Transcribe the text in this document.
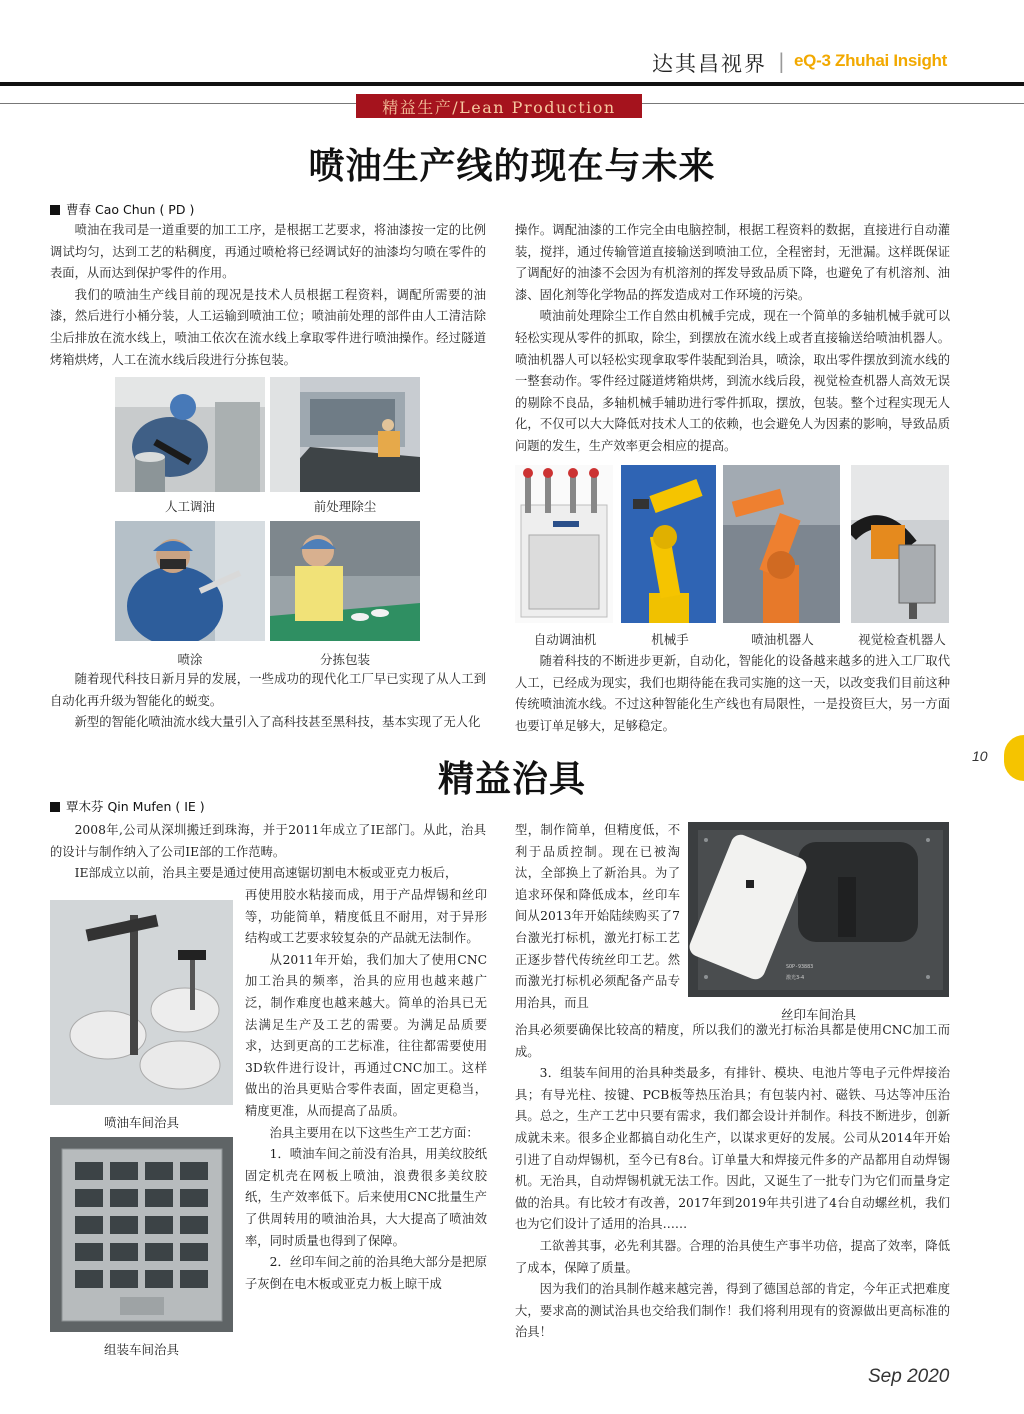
达其昌视界 | eQ-3 Zhuhai Insight
精益生产/Lean Production
喷油生产线的现在与未来
曹春 Cao Chun ( PD )

喷油在我司是一道重要的加工工序，是根据工艺要求，将油漆按一定的比例调试均匀，达到工艺的粘稠度，再通过喷枪将已经调试好的油漆均匀喷在零件的表面，从而达到保护零件的作用。

我们的喷油生产线目前的现况是技术人员根据工程资料，调配所需要的油漆，然后进行小桶分装，人工运输到喷油工位；喷油前处理的部件由人工清洁除尘后排放在流水线上，喷油工依次在流水线上拿取零件进行喷油操作。经过隧道烤箱烘烤，人工在流水线后段进行分拣包装。

人工调油	前处理除尘
喷涂	分拣包装

随着现代科技日新月异的发展，一些成功的现代化工厂早已实现了从人工到自动化再升级为智能化的蜕变。

新型的智能化喷油流水线大量引入了高科技甚至黑科技，基本实现了无人化

操作。调配油漆的工作完全由电脑控制，根据工程资料的数据，直接进行自动灌装，搅拌，通过传输管道直接输送到喷油工位，全程密封，无泄漏。这样既保证了调配好的油漆不会因为有机溶剂的挥发导致品质下降，也避免了有机溶剂、油漆、固化剂等化学物品的挥发造成对工作环境的污染。

喷油前处理除尘工作自然由机械手完成，现在一个简单的多轴机械手就可以轻松实现从零件的抓取，除尘，到摆放在流水线上或者直接输送给喷油机器人。喷油机器人可以轻松实现拿取零件装配到治具，喷涂，取出零件摆放到流水线的一整套动作。零件经过隧道烤箱烘烤，到流水线后段，视觉检查机器人高效无误的剔除不良品，多轴机械手辅助进行零件抓取，摆放，包装。整个过程实现无人化，不仅可以大大降低对技术人工的依赖，也会避免人为因素的影响，导致品质问题的发生，生产效率更会相应的提高。

自动调油机	机械手	喷油机器人	视觉检查机器人

随着科技的不断进步更新，自动化，智能化的设备越来越多的进入工厂取代人工，已经成为现实，我们也期待能在我司实施的这一天，以改变我们目前这种传统喷油流水线。不过这种智能化生产线也有局限性，一是投资巨大，另一方面也要订单足够大，足够稳定。

精益治具
覃木芬 Qin Mufen ( IE )

2008年,公司从深圳搬迁到珠海，并于2011年成立了IE部门。从此，治具的设计与制作纳入了公司IE部的工作范畴。

IE部成立以前，治具主要是通过使用高速锯切割电木板或亚克力板后，

喷油车间治具
组装车间治具

再使用胶水粘接而成，用于产品焊锡和丝印等，功能简单，精度低且不耐用，对于异形结构或工艺要求较复杂的产品就无法制作。

从2011年开始，我们加大了使用CNC加工治具的频率，治具的应用也越来越广泛，制作难度也越来越大。简单的治具已无法满足生产及工艺的需要。为满足品质要求，达到更高的工艺标准，往往都需要使用3D软件进行设计，再通过CNC加工。这样做出的治具更贴合零件表面，固定更稳当，精度更准，从而提高了品质。

治具主要用在以下这些生产工艺方面：

1．喷油车间之前没有治具，用美纹胶纸固定机壳在网板上喷油，浪费很多美纹胶纸，生产效率低下。后来使用CNC批量生产了供周转用的喷油治具，大大提高了喷油效率，同时质量也得到了保障。

2．丝印车间之前的治具绝大部分是把原子灰倒在电木板或亚克力板上晾干成

型，制作简单，但精度低，不利于品质控制。现在已被淘汰，全部换上了新治具。为了追求环保和降低成本，丝印车间从2013年开始陆续购买了7台激光打标机，激光打标工艺正逐步替代传统丝印工艺。然而激光打标机必须配备产品专用治具，而且

SOP-93883
激光3-4
丝印车间治具

治具必须要确保比较高的精度，所以我们的激光打标治具都是使用CNC加工而成。

3．组装车间用的治具种类最多，有排针、模块、电池片等电子元件焊接治具；有导光柱、按键、PCB板等热压治具；有包装内衬、磁铁、马达等冲压治具。总之，生产工艺中只要有需求，我们都会设计并制作。科技不断进步，创新成就未来。很多企业都搞自动化生产，以谋求更好的发展。公司从2014年开始引进了自动焊锡机，至今已有8台。订单量大和焊接元件多的产品都用自动焊锡机。无治具，自动焊锡机就无法工作。因此，又诞生了一批专门为它们而量身定做的治具。有比较才有改善，2017年到2019年共引进了4台自动螺丝机，我们也为它们设计了适用的治具……

工欲善其事，必先利其器。合理的治具使生产事半功倍，提高了效率，降低了成本，保障了质量。

因为我们的治具制作越来越完善，得到了德国总部的肯定，今年正式把难度大，要求高的测试治具也交给我们制作！我们将利用现有的资源做出更高标准的治具！

10
Sep 2020
